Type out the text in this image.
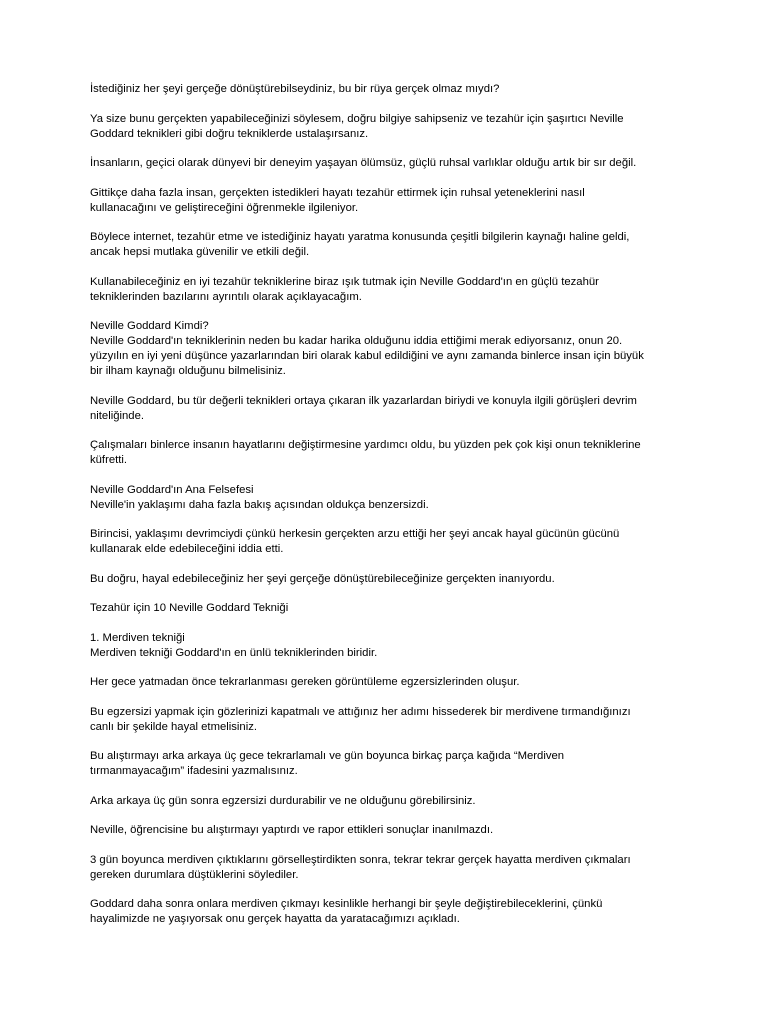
İstediğiniz her şeyi gerçeğe dönüştürebilseydiniz, bu bir rüya gerçek olmaz mıydı?
Ya size bunu gerçekten yapabileceğinizi söylesem, doğru bilgiye sahipseniz ve tezahür için şaşırtıcı Neville
Goddard teknikleri gibi doğru tekniklerde ustalaşırsanız.
İnsanların, geçici olarak dünyevi bir deneyim yaşayan ölümsüz, güçlü ruhsal varlıklar olduğu artık bir sır değil.
Gittikçe daha fazla insan, gerçekten istedikleri hayatı tezahür ettirmek için ruhsal yeteneklerini nasıl
kullanacağını ve geliştireceğini öğrenmekle ilgileniyor.
Böylece internet, tezahür etme ve istediğiniz hayatı yaratma konusunda çeşitli bilgilerin kaynağı haline geldi,
ancak hepsi mutlaka güvenilir ve etkili değil.
Kullanabileceğiniz en iyi tezahür tekniklerine biraz ışık tutmak için Neville Goddard'ın en güçlü tezahür
tekniklerinden bazılarını ayrıntılı olarak açıklayacağım.
Neville Goddard Kimdi?
Neville Goddard'ın tekniklerinin neden bu kadar harika olduğunu iddia ettiğimi merak ediyorsanız, onun 20.
yüzyılın en iyi yeni düşünce yazarlarından biri olarak kabul edildiğini ve aynı zamanda binlerce insan için büyük
bir ilham kaynağı olduğunu bilmelisiniz.
Neville Goddard, bu tür değerli teknikleri ortaya çıkaran ilk yazarlardan biriydi ve konuyla ilgili görüşleri devrim
niteliğinde.
Çalışmaları binlerce insanın hayatlarını değiştirmesine yardımcı oldu, bu yüzden pek çok kişi onun tekniklerine
küfretti.
Neville Goddard'ın Ana Felsefesi
Neville'in yaklaşımı daha fazla bakış açısından oldukça benzersizdi.
Birincisi, yaklaşımı devrimciydi çünkü herkesin gerçekten arzu ettiği her şeyi ancak hayal gücünün gücünü
kullanarak elde edebileceğini iddia etti.
Bu doğru, hayal edebileceğiniz her şeyi gerçeğe dönüştürebileceğinize gerçekten inanıyordu.
Tezahür için 10 Neville Goddard Tekniği
1. Merdiven tekniği
Merdiven tekniği Goddard'ın en ünlü tekniklerinden biridir.
Her gece yatmadan önce tekrarlanması gereken görüntüleme egzersizlerinden oluşur.
Bu egzersizi yapmak için gözlerinizi kapatmalı ve attığınız her adımı hissederek bir merdivene tırmandığınızı
canlı bir şekilde hayal etmelisiniz.
Bu alıştırmayı arka arkaya üç gece tekrarlamalı ve gün boyunca birkaç parça kağıda “Merdiven
tırmanmayacağım” ifadesini yazmalısınız.
Arka arkaya üç gün sonra egzersizi durdurabilir ve ne olduğunu görebilirsiniz.
Neville, öğrencisine bu alıştırmayı yaptırdı ve rapor ettikleri sonuçlar inanılmazdı.
3 gün boyunca merdiven çıktıklarını görselleştirdikten sonra, tekrar tekrar gerçek hayatta merdiven çıkmaları
gereken durumlara düştüklerini söylediler.
Goddard daha sonra onlara merdiven çıkmayı kesinlikle herhangi bir şeyle değiştirebileceklerini, çünkü
hayalimizde ne yaşıyorsak onu gerçek hayatta da yaratacağımızı açıkladı.
